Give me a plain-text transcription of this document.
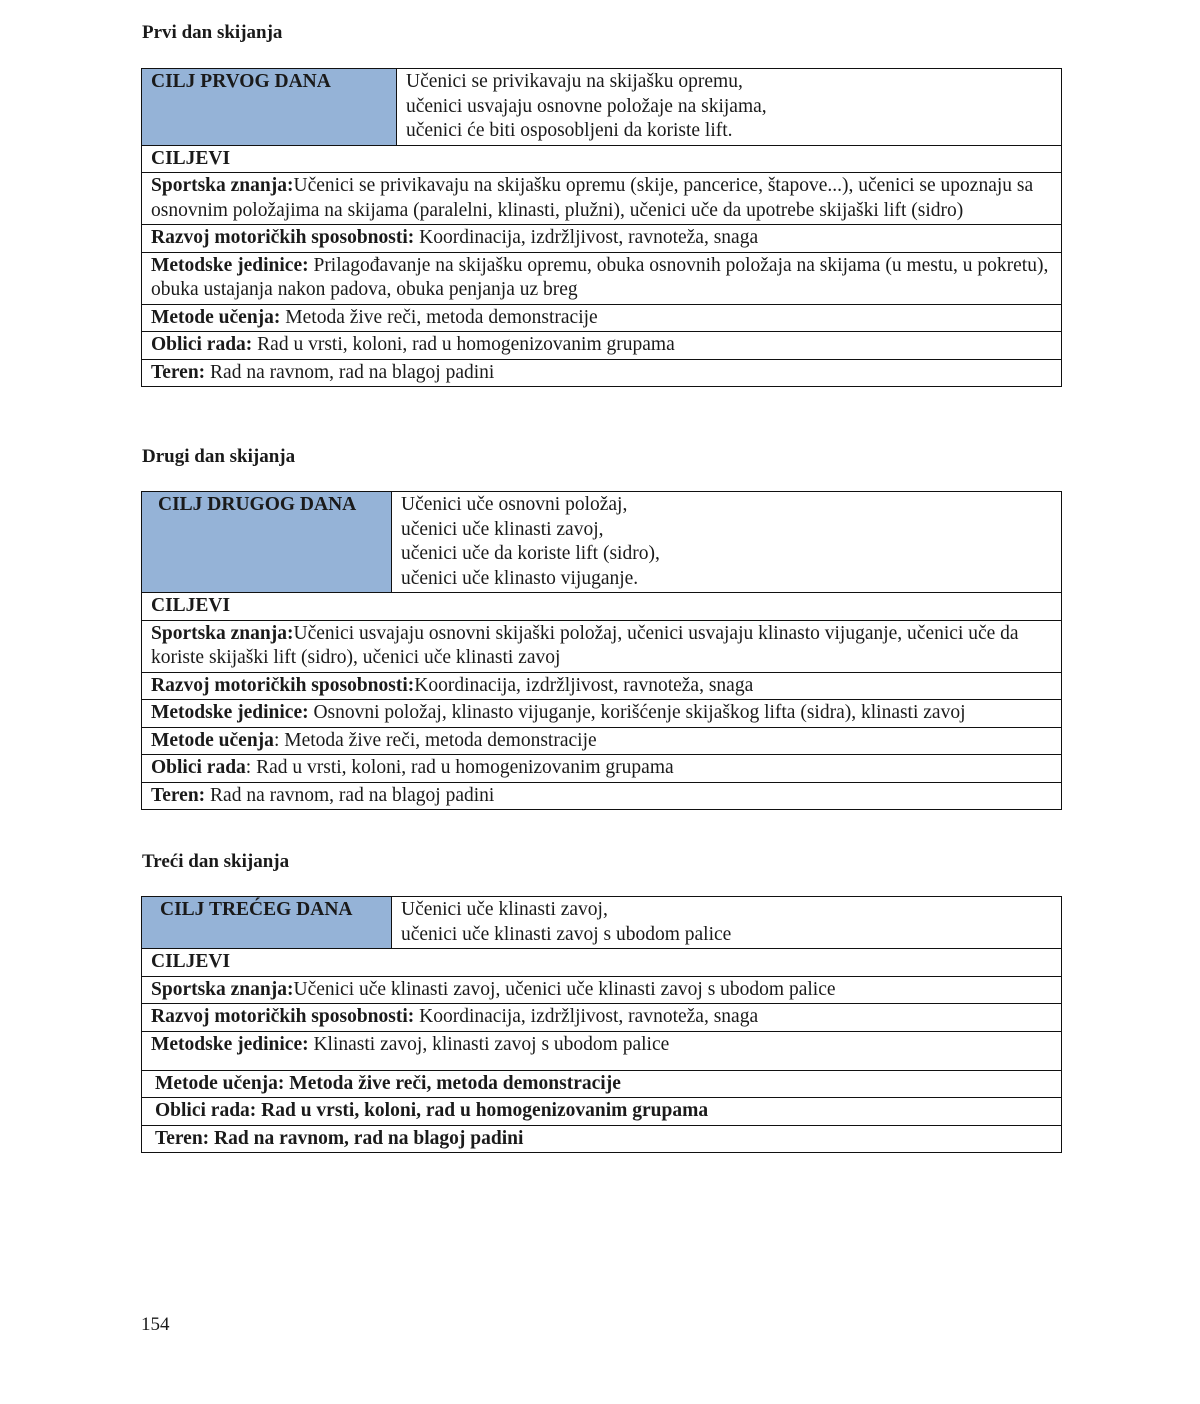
Prvi dan skijanja
CILJ PRVOG DANA	Učenici se privikavaju na skijašku opremu,
učenici usvajaju osnovne položaje na skijama,
učenici će biti osposobljeni da koriste lift.

CILJEVI
Sportska znanja:Učenici se privikavaju na skijašku opremu (skije, pancerice, štapove...), učenici se upoznaju sa osnovnim položajima na skijama (paralelni, klinasti, plužni), učenici uče da upotrebe skijaški lift (sidro)
Razvoj motoričkih sposobnosti: Koordinacija, izdržljivost, ravnoteža, snaga
Metodske jedinice: Prilagođavanje na skijašku opremu, obuka osnovnih položaja na skijama (u mestu, u pokretu), obuka ustajanja nakon padova, obuka penjanja uz breg
Metode učenja: Metoda žive reči, metoda demonstracije
Oblici rada: Rad u vrsti, koloni, rad u homogenizovanim grupama
Teren: Rad na ravnom, rad na blagoj padini
Drugi dan skijanja
CILJ DRUGOG DANA	Učenici uče osnovni položaj,
učenici uče klinasti zavoj,
učenici uče da koriste lift (sidro),
učenici uče klinasto vijuganje.

CILJEVI
Sportska znanja:Učenici usvajaju osnovni skijaški položaj, učenici usvajaju klinasto vijuganje, učenici uče da koriste skijaški lift (sidro), učenici uče klinasti zavoj
Razvoj motoričkih sposobnosti:Koordinacija, izdržljivost, ravnoteža, snaga
Metodske jedinice: Osnovni položaj, klinasto vijuganje, korišćenje skijaškog lifta (sidra), klinasti zavoj
Metode učenja: Metoda žive reči, metoda demonstracije
Oblici rada: Rad u vrsti, koloni, rad u homogenizovanim grupama
Teren: Rad na ravnom, rad na blagoj padini
Treći dan skijanja
CILJ TREĆEG DANA	Učenici uče klinasti zavoj,
učenici uče klinasti zavoj s ubodom palice

CILJEVI
Sportska znanja:Učenici uče klinasti zavoj, učenici uče klinasti zavoj s ubodom palice
Razvoj motoričkih sposobnosti: Koordinacija, izdržljivost, ravnoteža, snaga
Metodske jedinice: Klinasti zavoj, klinasti zavoj s ubodom palice
Metode učenja: Metoda žive reči, metoda demonstracije
Oblici rada: Rad u vrsti, koloni, rad u homogenizovanim grupama
Teren: Rad na ravnom, rad na blagoj padini
154
